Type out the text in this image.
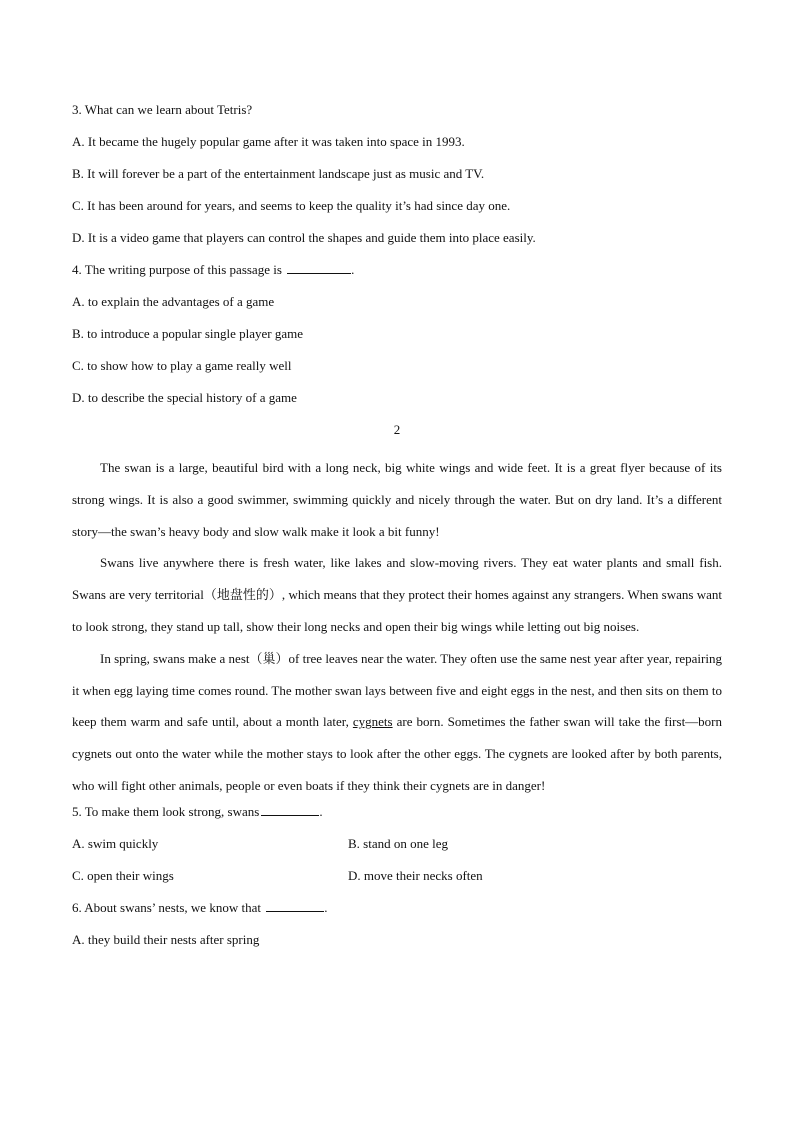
3. What can we learn about Tetris?
A. It became the hugely popular game after it was taken into space in 1993.
B. It will forever be a part of the entertainment landscape just as music and TV.
C. It has been around for years, and seems to keep the quality it’s had since day one.
D. It is a video game that players can control the shapes and guide them into place easily.
4. The writing purpose of this passage is	.
A. to explain the advantages of a game
B. to introduce a popular single player game
C. to show how to play a game really well
D. to describe the special history of a game
2

The swan is a large, beautiful bird with a long neck, big white wings and wide feet. It is a great flyer because of its strong wings. It is also a good swimmer, swimming quickly and nicely through the water. But on dry land. It’s a different story—the swan’s heavy body and slow walk make it look a bit funny!

Swans live anywhere there is fresh water, like lakes and slow-moving rivers. They eat water plants and small fish. Swans are very territorial（地盘性的）, which means that they protect their homes against any strangers. When swans want to look strong, they stand up tall, show their long necks and open their big wings while letting out big noises.

In spring, swans make a nest（巢）of tree leaves near the water. They often use the same nest year after year, repairing it when egg laying time comes round. The mother swan lays between five and eight eggs in the nest, and then sits on them to keep them warm and safe until, about a month later, cygnets are born. Sometimes the father swan will take the first—born cygnets out onto the water while the mother stays to look after the other eggs. The cygnets are looked after by both parents, who will fight other animals, people or even boats if they think their cygnets are in danger!

5. To make them look strong, swans	.
A. swim quickly	B. stand on one leg
C. open their wings	D. move their necks often
6. About swans’ nests, we know that	.
A. they build their nests after spring
